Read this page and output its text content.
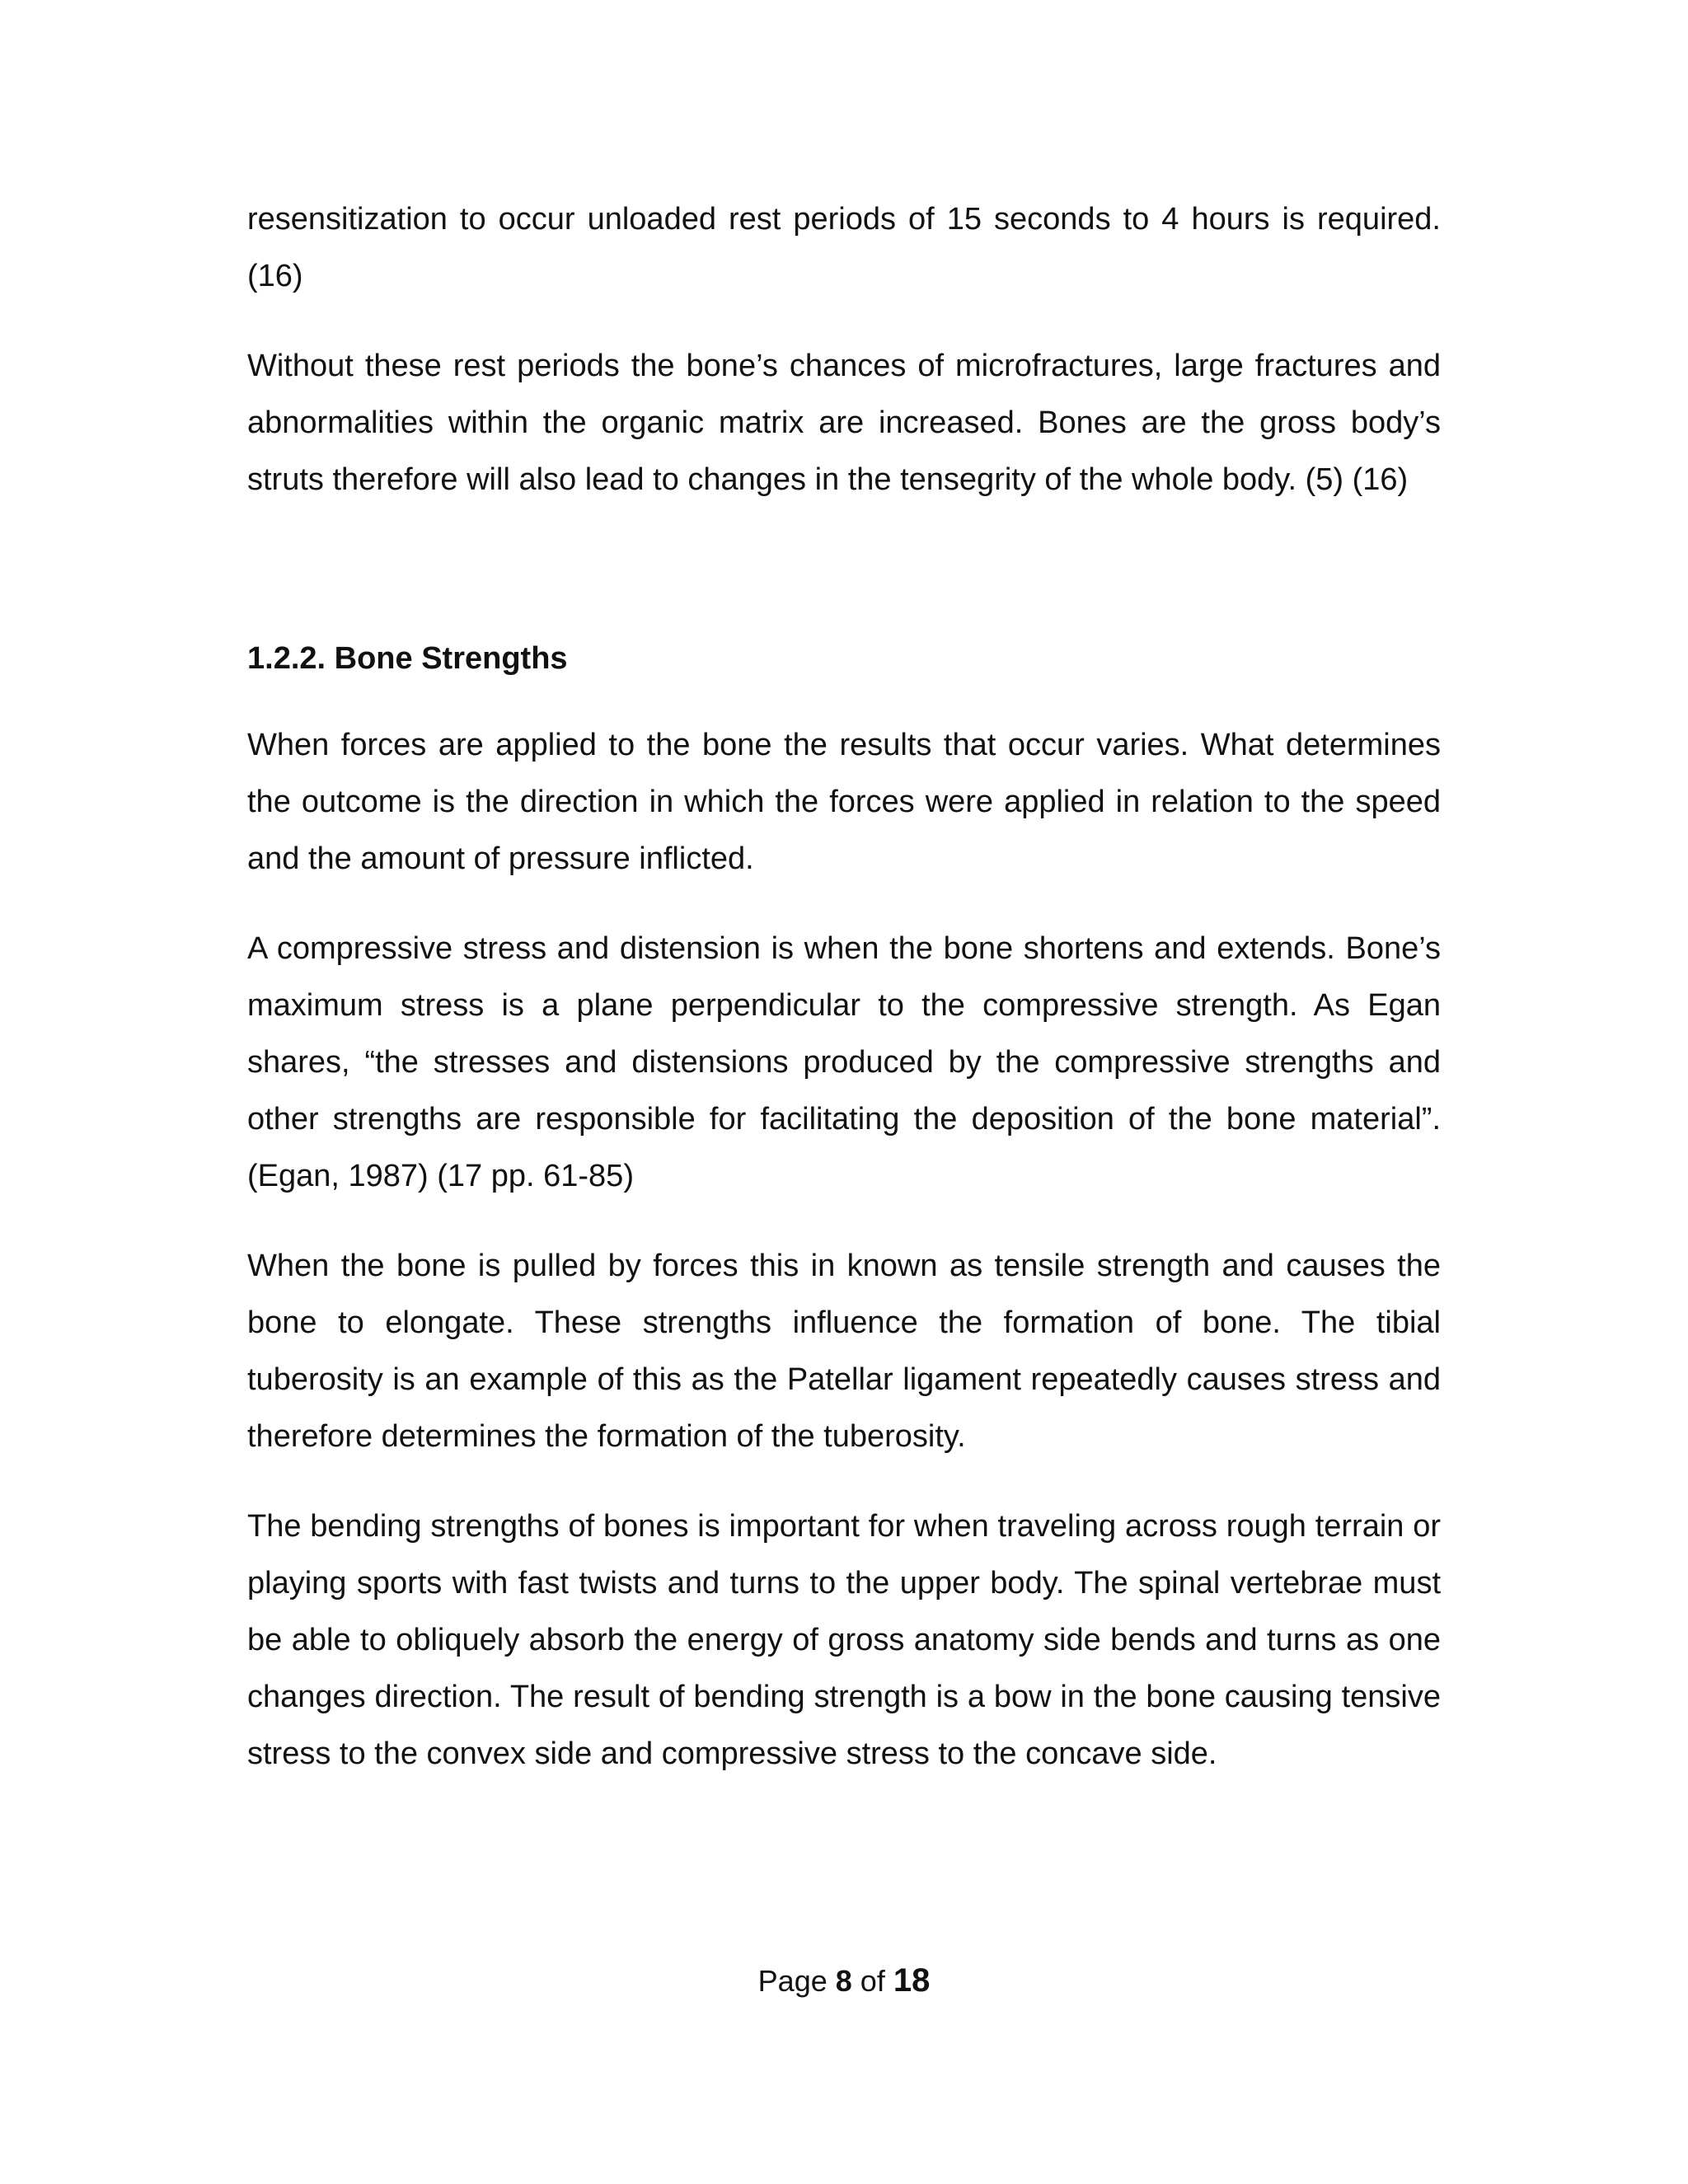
resensitization to occur unloaded rest periods of 15 seconds to 4 hours is required. (16)

Without these rest periods the bone’s chances of microfractures, large fractures and abnormalities within the organic matrix are increased. Bones are the gross body’s struts therefore will also lead to changes in the tensegrity of the whole body. (5) (16)

1.2.2. Bone Strengths

When forces are applied to the bone the results that occur varies. What determines the outcome is the direction in which the forces were applied in relation to the speed and the amount of pressure inflicted.

A compressive stress and distension is when the bone shortens and extends. Bone’s maximum stress is a plane perpendicular to the compressive strength. As Egan shares, “the stresses and distensions produced by the compressive strengths and other strengths are responsible for facilitating the deposition of the bone material”. (Egan, 1987) (17 pp. 61-85)

When the bone is pulled by forces this in known as tensile strength and causes the bone to elongate. These strengths influence the formation of bone. The tibial tuberosity is an example of this as the Patellar ligament repeatedly causes stress and therefore determines the formation of the tuberosity.

The bending strengths of bones is important for when traveling across rough terrain or playing sports with fast twists and turns to the upper body. The spinal vertebrae must be able to obliquely absorb the energy of gross anatomy side bends and turns as one changes direction. The result of bending strength is a bow in the bone causing tensive stress to the convex side and compressive stress to the concave side.

Page 8 of 18
